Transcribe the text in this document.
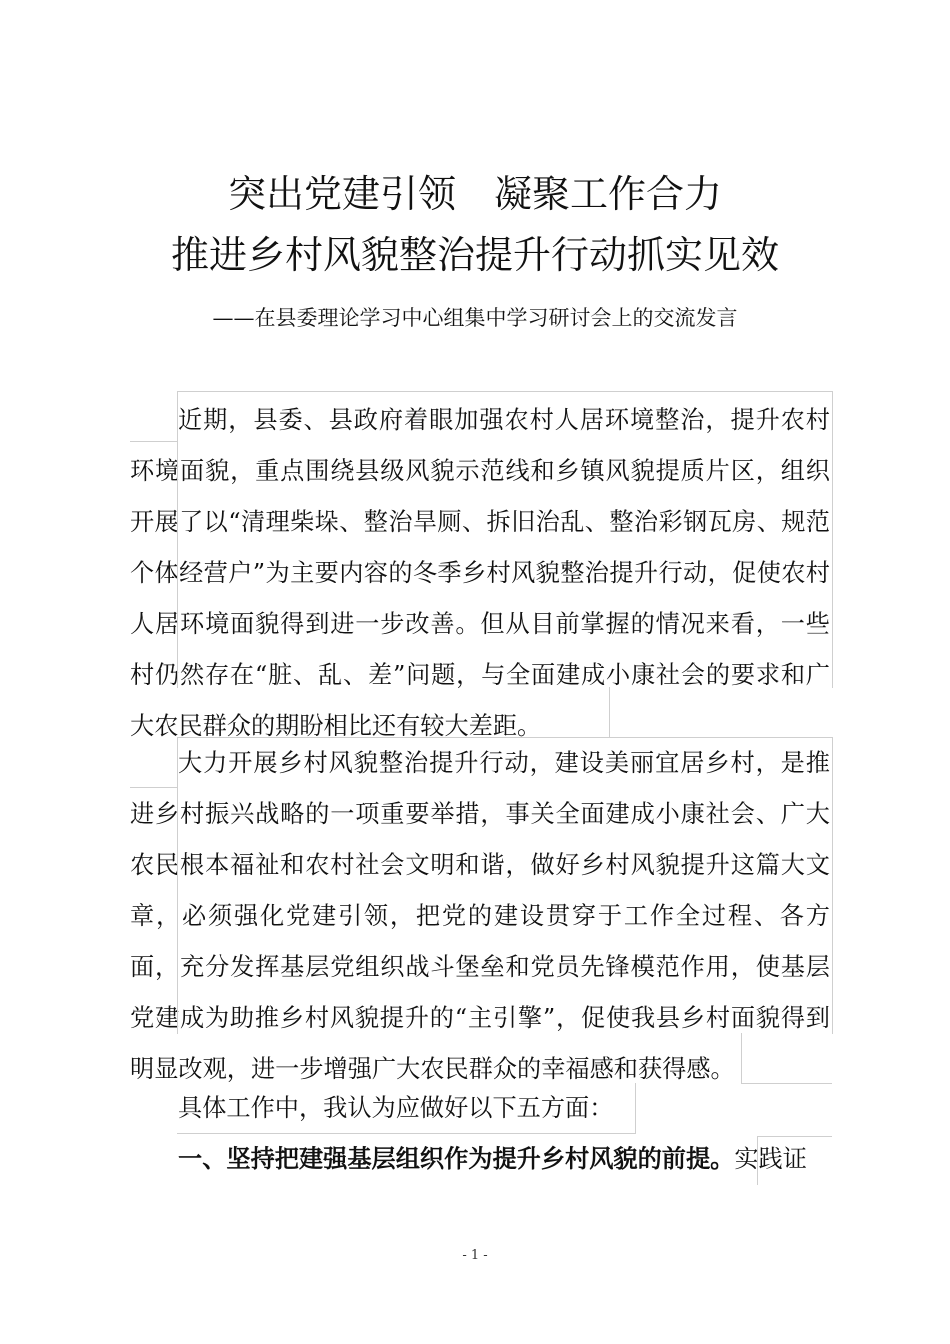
突出党建引领　凝聚工作合力
推进乡村风貌整治提升行动抓实见效
——在县委理论学习中心组集中学习研讨会上的交流发言

近期，县委、县政府着眼加强农村人居环境整治，提升农村环境面貌，重点围绕县级风貌示范线和乡镇风貌提质片区，组织开展了以“清理柴垛、整治旱厕、拆旧治乱、整治彩钢瓦房、规范个体经营户”为主要内容的冬季乡村风貌整治提升行动，促使农村人居环境面貌得到进一步改善。但从目前掌握的情况来看，一些村仍然存在“脏、乱、差”问题，与全面建成小康社会的要求和广大农民群众的期盼相比还有较大差距。

大力开展乡村风貌整治提升行动，建设美丽宜居乡村，是推进乡村振兴战略的一项重要举措，事关全面建成小康社会、广大农民根本福祉和农村社会文明和谐，做好乡村风貌提升这篇大文章，必须强化党建引领，把党的建设贯穿于工作全过程、各方面，充分发挥基层党组织战斗堡垒和党员先锋模范作用，使基层党建成为助推乡村风貌提升的“主引擎”，促使我县乡村面貌得到明显改观，进一步增强广大农民群众的幸福感和获得感。

具体工作中，我认为应做好以下五方面：

一、坚持把建强基层组织作为提升乡村风貌的前提。实践证

- 1 -
